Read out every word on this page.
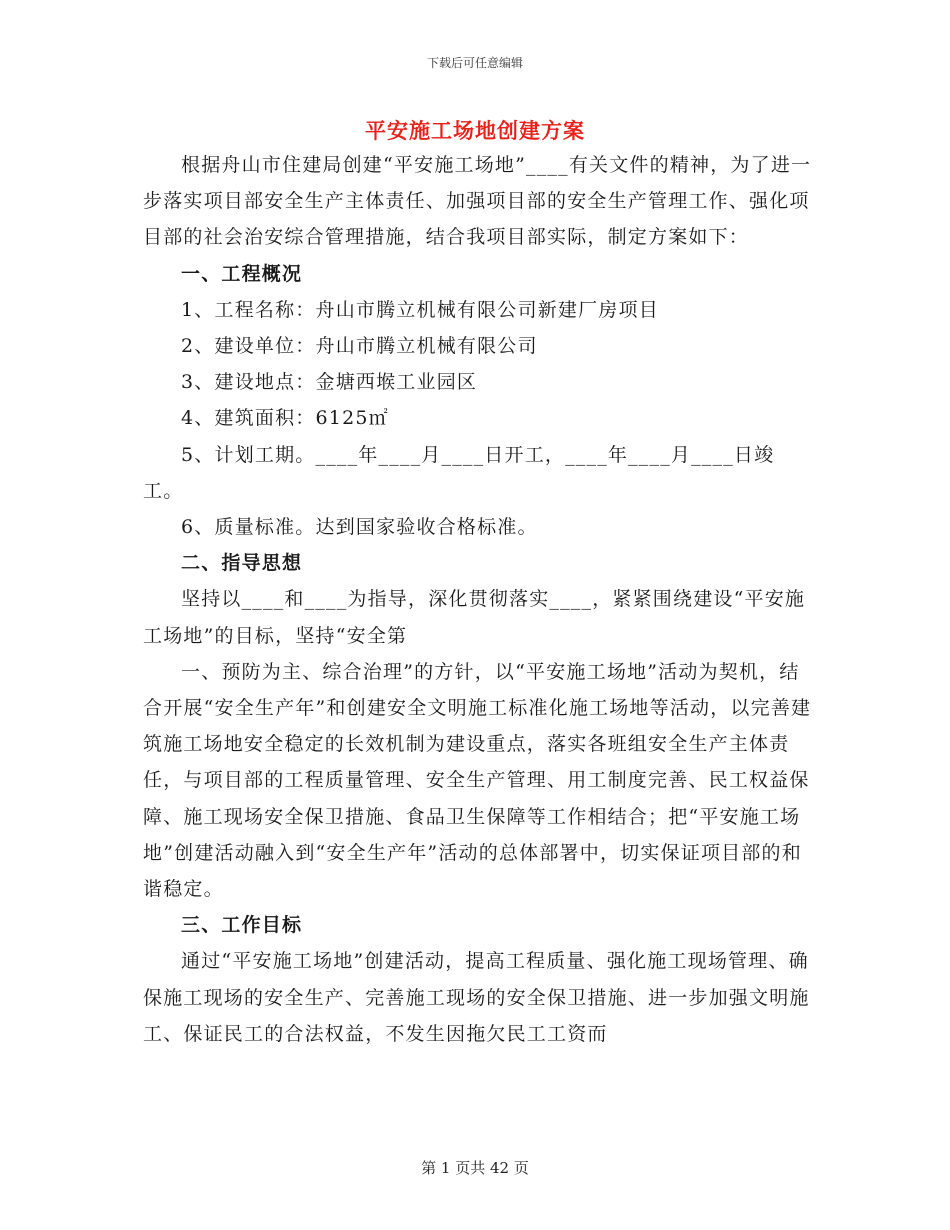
下载后可任意编辑
平安施工场地创建方案

根据舟山市住建局创建“平安施工场地”____有关文件的精神，为了进一步落实项目部安全生产主体责任、加强项目部的安全生产管理工作、强化项目部的社会治安综合管理措施，结合我项目部实际，制定方案如下：

一、工程概况

1、工程名称：舟山市腾立机械有限公司新建厂房项目

2、建设单位：舟山市腾立机械有限公司

3、建设地点：金塘西堠工业园区

4、建筑面积：6125㎡

5、计划工期。____年____月____日开工，____年____月____日竣工。

6、质量标准。达到国家验收合格标准。

二、指导思想

坚持以____和____为指导，深化贯彻落实____，紧紧围绕建设“平安施工场地”的目标，坚持“安全第

一、预防为主、综合治理”的方针，以“平安施工场地”活动为契机，结合开展“安全生产年”和创建安全文明施工标准化施工场地等活动，以完善建筑施工场地安全稳定的长效机制为建设重点，落实各班组安全生产主体责任，与项目部的工程质量管理、安全生产管理、用工制度完善、民工权益保障、施工现场安全保卫措施、食品卫生保障等工作相结合；把“平安施工场地”创建活动融入到“安全生产年”活动的总体部署中，切实保证项目部的和谐稳定。

三、工作目标

通过“平安施工场地”创建活动，提高工程质量、强化施工现场管理、确保施工现场的安全生产、完善施工现场的安全保卫措施、进一步加强文明施工、保证民工的合法权益，不发生因拖欠民工工资而

第 1 页共 42 页
